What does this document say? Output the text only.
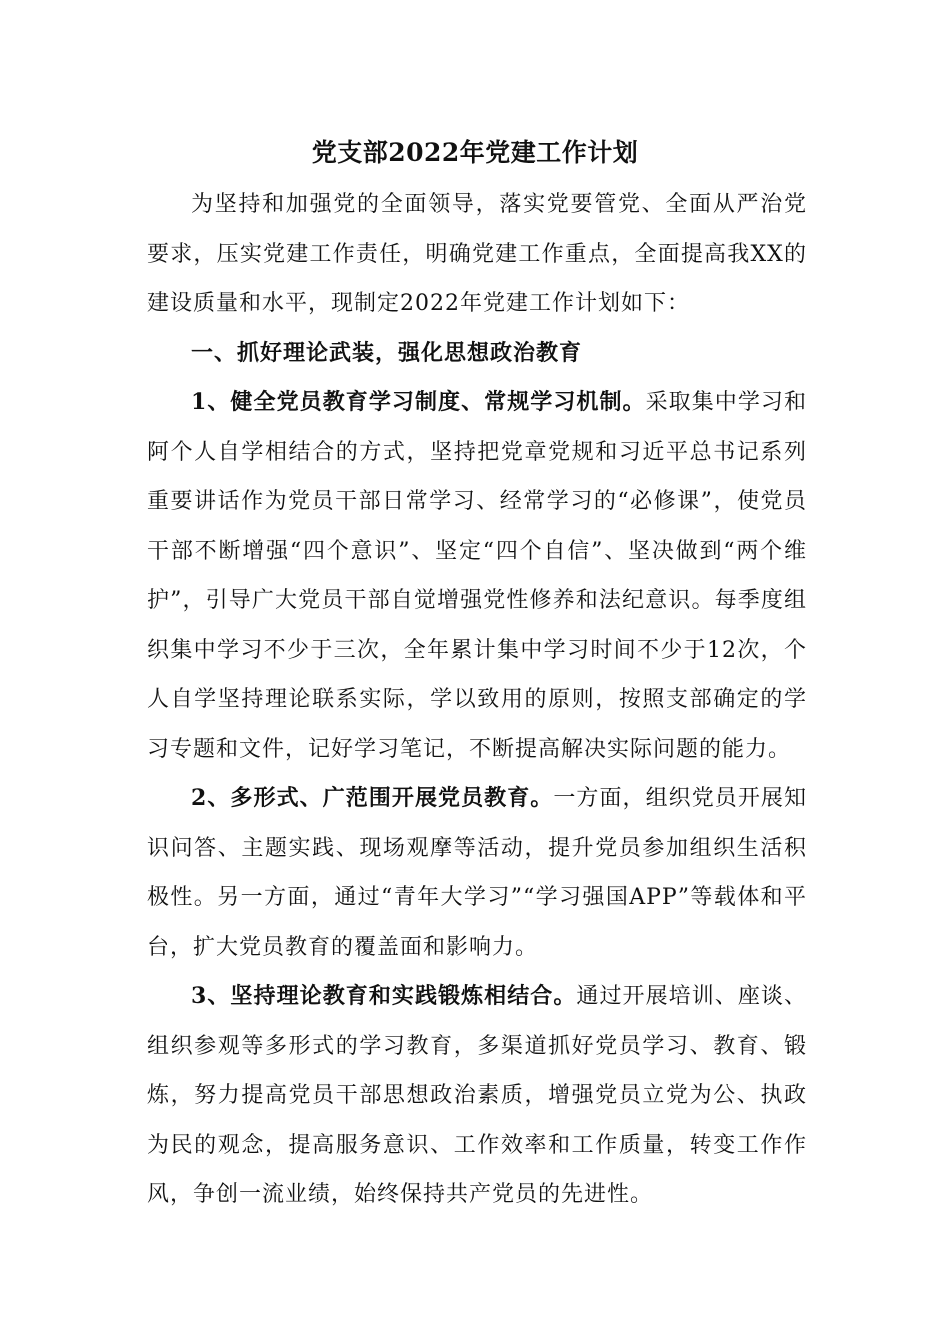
党支部2022年党建工作计划

为坚持和加强党的全面领导，落实党要管党、全面从严治党要求，压实党建工作责任，明确党建工作重点，全面提高我XX的建设质量和水平，现制定2022年党建工作计划如下：

一、抓好理论武装，强化思想政治教育

1、健全党员教育学习制度、常规学习机制。采取集中学习和阿个人自学相结合的方式，坚持把党章党规和习近平总书记系列重要讲话作为党员干部日常学习、经常学习的“必修课”，使党员干部不断增强“四个意识”、坚定“四个自信”、坚决做到“两个维护”，引导广大党员干部自觉增强党性修养和法纪意识。每季度组织集中学习不少于三次，全年累计集中学习时间不少于12次，个人自学坚持理论联系实际，学以致用的原则，按照支部确定的学习专题和文件，记好学习笔记，不断提高解决实际问题的能力。

2、多形式、广范围开展党员教育。一方面，组织党员开展知识问答、主题实践、现场观摩等活动，提升党员参加组织生活积极性。另一方面，通过“青年大学习”“学习强国APP”等载体和平台，扩大党员教育的覆盖面和影响力。

3、坚持理论教育和实践锻炼相结合。通过开展培训、座谈、组织参观等多形式的学习教育，多渠道抓好党员学习、教育、锻炼，努力提高党员干部思想政治素质，增强党员立党为公、执政为民的观念，提高服务意识、工作效率和工作质量，转变工作作风，争创一流业绩，始终保持共产党员的先进性。
